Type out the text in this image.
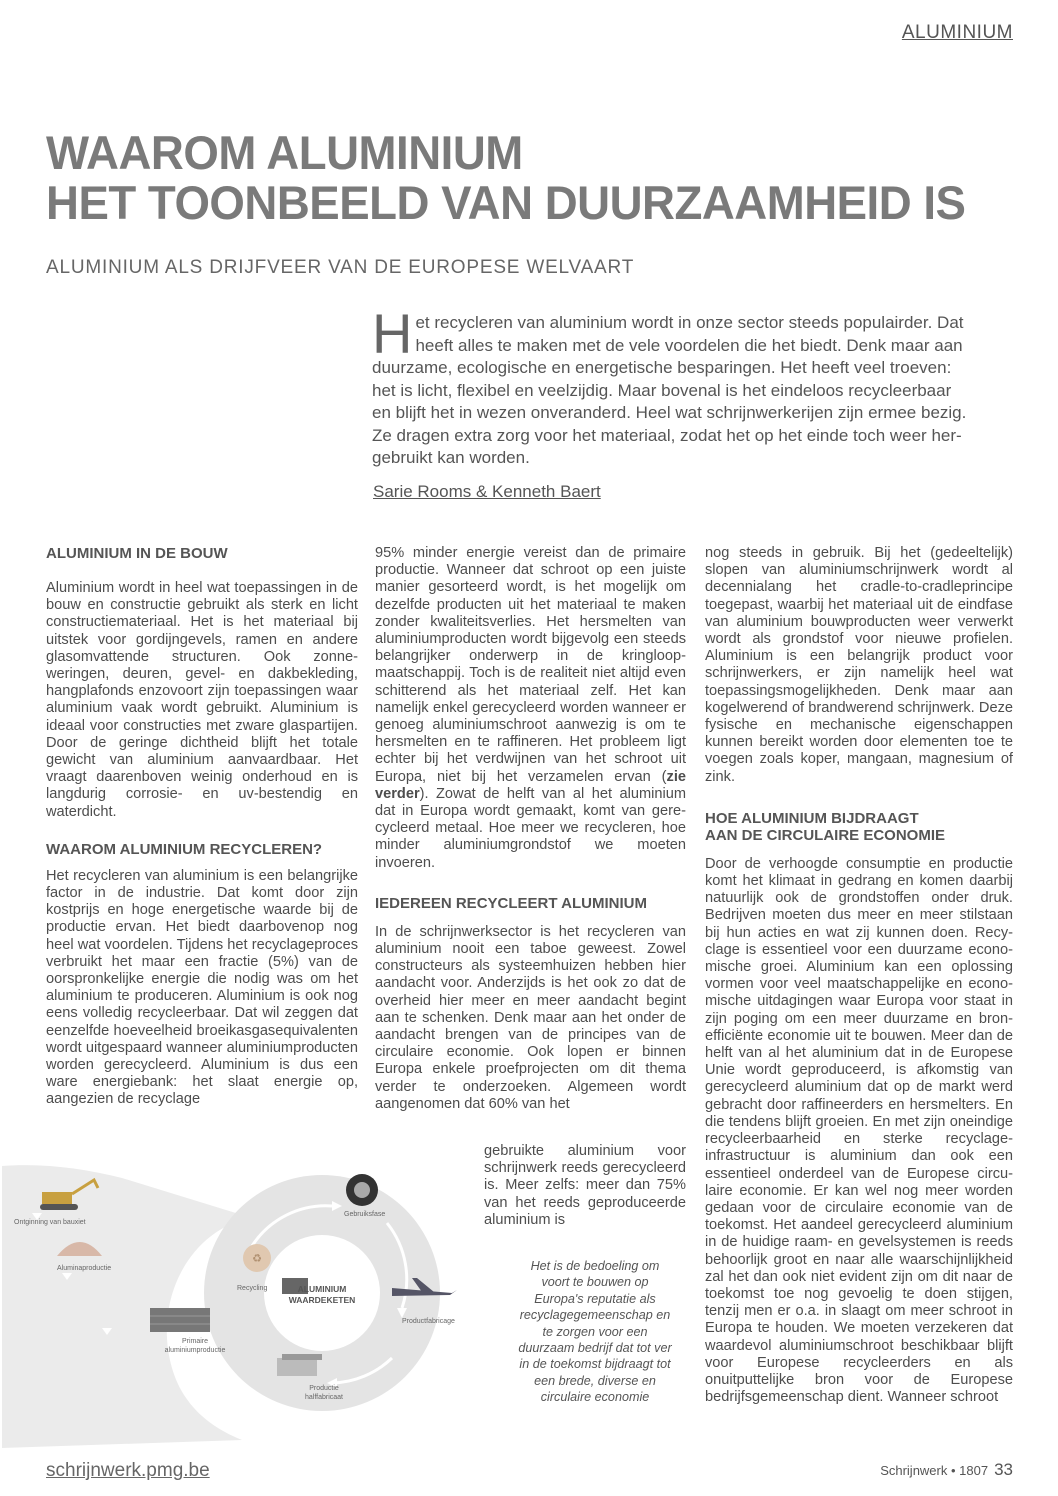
ALUMINIUM
WAAROM ALUMINIUM
HET TOONBEELD VAN DUURZAAMHEID IS
ALUMINIUM ALS DRIJFVEER VAN DE EUROPESE WELVAART
Het recycleren van aluminium wordt in onze sector steeds populairder. Dat heeft alles te maken met de vele voordelen die het biedt. Denk maar aan duurzame, ecologische en energetische besparingen. Het heeft veel troeven: het is licht, flexibel en veelzijdig. Maar bovenal is het eindeloos recycleerbaar en blijft het in wezen onveranderd. Heel wat schrijnwerkerijen zijn ermee bezig. Ze dragen extra zorg voor het materiaal, zodat het op het einde toch weer hergebruikt kan worden.
Sarie Rooms & Kenneth Baert

ALUMINIUM IN DE BOUW

Aluminium wordt in heel wat toepassingen in de bouw en constructie gebruikt als sterk en licht constructiemateriaal. Het is het materiaal bij uitstek voor gordijngevels, ramen en andere glasomvattende structuren. Ook zonneweringen, deuren, gevel- en dakbekleding, hangplafonds enzovoort zijn toepassingen waar aluminium vaak wordt gebruikt. Aluminium is ideaal voor constructies met zware glaspartijen. Door de geringe dichtheid blijft het totale gewicht van aluminium aanvaardbaar. Het vraagt daarenboven weinig onderhoud en is langdurig corrosie- en uv-bestendig en waterdicht.

WAAROM ALUMINIUM RECYCLEREN?

Het recycleren van aluminium is een belangrijke factor in de industrie. Dat komt door zijn kostprijs en hoge energetische waarde bij de productie ervan. Het biedt daarbovenop nog heel wat voordelen. Tijdens het recyclageproces verbruikt het maar een fractie (5%) van de oorspronkelijke energie die nodig was om het aluminium te produceren. Aluminium is ook nog eens volledig recycleerbaar. Dat wil zeggen dat eenzelfde hoeveelheid broeikasgasequivalenten wordt uitgespaard wanneer aluminiumproducten worden gerecycleerd. Aluminium is dus een ware energiebank: het slaat energie op, aangezien de recyclage

95% minder energie vereist dan de primaire productie. Wanneer dat schroot op een juiste manier gesorteerd wordt, is het mogelijk om dezelfde producten uit het materiaal te maken zonder kwaliteitsverlies. Het hersmelten van aluminiumproducten wordt bijgevolg een steeds belangrijker onderwerp in de kringloopmaatschappij. Toch is de realiteit niet altijd even schitterend als het materiaal zelf. Het kan namelijk enkel gerecycleerd worden wanneer er genoeg aluminiumschroot aanwezig is om te hersmelten en te raffineren. Het probleem ligt echter bij het verdwijnen van het schroot uit Europa, niet bij het verzamelen ervan (zie verder). Zowat de helft van al het aluminium dat in Europa wordt gemaakt, komt van gerecycleerd metaal. Hoe meer we recycleren, hoe minder aluminiumgrondstof we moeten invoeren.

IEDEREEN RECYCLEERT ALUMINIUM

In de schrijnwerksector is het recycleren van aluminium nooit een taboe geweest. Zowel constructeurs als systeemhuizen hebben hier aandacht voor. Anderzijds is het ook zo dat de overheid hier meer en meer aandacht begint aan te schenken. Denk maar aan het onder de aandacht brengen van de principes van de circulaire economie. Ook lopen er binnen Europa enkele proefprojecten om dit thema verder te onderzoeken. Algemeen wordt aangenomen dat 60% van het

gebruikte aluminium voor schrijnwerk reeds gerecycleerd is. Meer zelfs: meer dan 75% van het reeds geproduceerde aluminium is

Het is de bedoeling om voort te bouwen op Europa's reputatie als recyclagegemeenschap en te zorgen voor een duurzaam bedrijf dat tot ver in de toekomst bijdraagt tot een brede, diverse en circulaire economie

nog steeds in gebruik. Bij het (gedeeltelijk) slopen van aluminiumschrijnwerk wordt al decennialang het cradle-to-cradleprincipe toegepast, waarbij het materiaal uit de eindfase van aluminium bouwproducten weer verwerkt wordt als grondstof voor nieuwe profielen. Aluminium is een belangrijk product voor schrijnwerkers, er zijn namelijk heel wat toepassingsmogelijkheden. Denk maar aan kogelwerend of brandwerend schrijnwerk. Deze fysische en mechanische eigenschappen kunnen bereikt worden door elementen toe te voegen zoals koper, mangaan, magnesium of zink.

HOE ALUMINIUM BIJDRAAGT
AAN DE CIRCULAIRE ECONOMIE

Door de verhoogde consumptie en productie komt het klimaat in gedrang en komen daarbij natuurlijk ook de grondstoffen onder druk. Bedrijven moeten dus meer en meer stilstaan bij hun acties en wat zij kunnen doen. Recyclage is essentieel voor een duurzame economische groei. Aluminium kan een oplossing vormen voor veel maatschappelijke en economische uitdagingen waar Europa voor staat in zijn poging om een meer duurzame en bronefficiënte economie uit te bouwen. Meer dan de helft van al het aluminium dat in de Europese Unie wordt geproduceerd, is afkomstig van gerecycleerd aluminium dat op de markt werd gebracht door raffineerders en hersmelters. En die tendens blijft groeien. En met zijn oneindige recycleerbaarheid en sterke recyclage-infrastructuur is aluminium dan ook een essentieel onderdeel van de Europese circulaire economie. Er kan wel nog meer worden gedaan voor de circulaire economie van de toekomst. Het aandeel gerecycleerd aluminium in de huidige raam- en gevelsystemen is reeds behoorlijk groot en naar alle waarschijnlijkheid zal het dan ook niet evident zijn om dit naar de toekomst toe nog gevoelig te doen stijgen, tenzij men er o.a. in slaagt om meer schroot in Europa te houden. We moeten verzekeren dat waardevol aluminiumschroot beschikbaar blijft voor Europese recycleerders en als onuitputtelijke bron voor de Europese bedrijfsgemeenschap dient. Wanneer schroot

♻
Ontginning van bauxiet
Aluminaproductie
Primaire
aluminiumproductie
Productie
halffabricaat
Productfabricage
Gebruiksfase
Recycling	ALUMINIUM
WAARDEKETEN
schrijnwerk.pmg.be	Schrijnwerk • 1807 33
